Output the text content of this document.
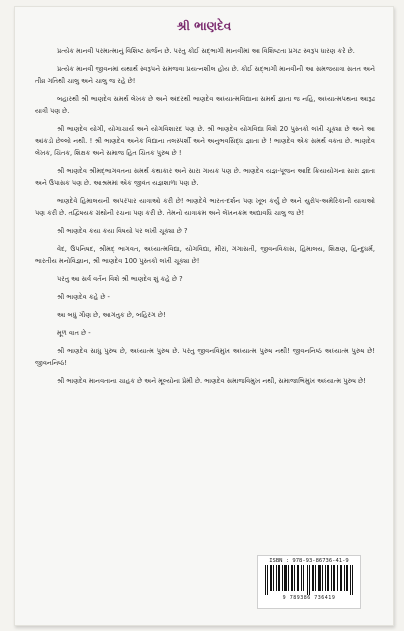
શ્રી ભાણદેવ

પ્રત્યેક માનવી પરમાત્માનું વિશિષ્ટ સર્જન છે. પરંતુ કોઈ સદ્ભાગી માનવીમાં આ વિશિષ્ટતા પ્રગટ સ્વરૂપ ધારણ કરે છે.

પ્રત્યેક માનવી જીવનમાં યથાર્થ સ્વરૂપને સમજવા પ્રયત્નશીલ હોય છે. કોઈ સદ્ભાગી માનવીની આ સમજયાત્રા સતત અને તીવ્ર ગતિથી ચાલુ અને ચાલુ જ રહે છે!

બહારથી શ્રી ભાણદેવ સમર્થ લેખક છે અને અંદરથી ભાણદેવ અધ્યાત્મવિદ્યાના સમર્થ જ્ઞાતા જ નહિ, અધ્યાત્મપથના આરૂઢ યાત્રી પણ છે.

શ્રી ભાણદેવ યોગી, યોગાચાર્ય અને યોગવિશારદ પણ છે. શ્રી ભાણદેવ યોગવિદ્યા વિશે 20 પુસ્તકો લખી ચૂક્યા છે અને આ આંકડો છેલ્લો નથી. ! શ્રી ભાણદેવ અનેક વિદ્યાના તલસ્પર્શી અને અનુભવસિદ્ધ જ્ઞાતા છે ! ભાણદેવ એક સમર્થ વક્તા છે. ભાણદેવ લેખક, ચિંતક, શિક્ષક અને સમાજ હિત ચિંતક પુરુષ છે !

શ્રી ભાણદેવ શ્રીમદ્ભાગવતના સમર્થ કથાકાર અને સારા ગાયક પણ છે. ભાણદેવ યજ્ઞ-પૂજન આદિ ક્રિયાયોગના સારા જ્ઞાતા અને ઉપાસક પણ છે. આશ્રમમાં એક જીવંત યજ્ઞશાળા પણ છે.

ભાણદેવે હિમાલયની અપરંપાર યાત્રાઓ કરી છે! ભાણદેવે ભારત-દર્શન પણ ખૂબ કર્યું છે અને યુરોપ-અમેરિકાની યાત્રાઓ પણ કરી છે. તદ્વિષયક ગ્રંથોની રચના પણ કરી છે. તેમનો યાત્રાક્રમ અને લેખનક્રમ અદ્યાવધિ ચાલુ જ છે!

શ્રી ભાણદેવ કયા કયા વિષયો પર લખી ચૂક્યા છે ?

વેદ, ઉપનિષદ, શ્રીમદ્ ભાગવત, અધ્યાત્મવિદ્યા, યોગવિદ્યા, મીરાં, ગંગાસતી, જીવનવિકાસ, હિમાલય, શિક્ષણ, હિન્દુધર્મ, ભારતીય મનોવિજ્ઞાન, શ્રી ભાણદેવ 100 પુસ્તકો લખી ચૂક્યા છે!

પરંતુ આ સર્વ વર્તન વિશે શ્રી ભાણદેવ શું કહે છે ?

શ્રી ભાણદેવ કહે છે -

આ બધું ગૌણ છે, આગંતુક છે, બહિરંગ છે!

મૂળ વાત છે -

શ્રી ભાણદેવ સાધુ પુરુષ છે, અધ્યાત્મ પુરુષ છે. પરંતુ જીવનવિમુખ અધ્યાત્મ પુરુષ નથી! જીવનનિષ્ઠ અધ્યાત્મ પુરુષ છે! જીવનનિષ્ઠ!

શ્રી ભાણદેવ માનવતાના ચાહક છે અને મૂલ્યોના પ્રેમી છે. ભાણદેવ સમાજવિમુખ નથી, સમાજાભિમુખ અધ્યાત્મ પુરુષ છે!

ISBN : 978-93-86736-41-9
9 789386 736419
